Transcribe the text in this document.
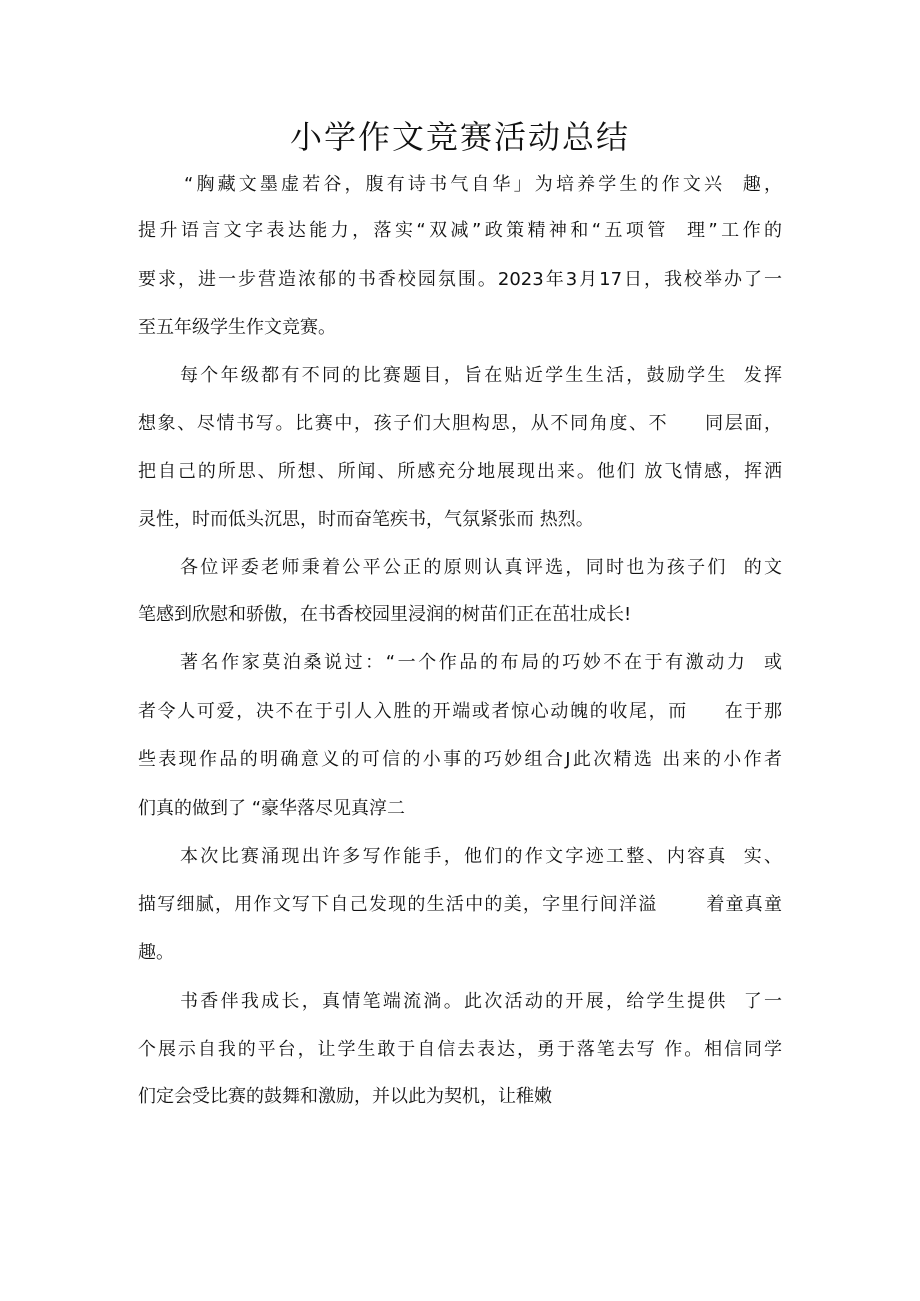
小学作文竞赛活动总结
“胸藏文墨虚若谷，腹有诗书气自华」为培养学生的作文兴  趣，
提升语言文字表达能力，落实“双减”政策精神和“五项管  理”工作的
要求，进一步营造浓郁的书香校园氛围。2023年3月17日，我校举办了一
至五年级学生作文竞赛。
每个年级都有不同的比赛题目，旨在贴近学生生活，鼓励学生  发挥
想象、尽情书写。比赛中，孩子们大胆构思，从不同角度、不     同层面，
把自己的所思、所想、所闻、所感充分地展现出来。他们 放飞情感，挥洒
灵性，时而低头沉思，时而奋笔疾书，气氛紧张而 热烈。
各位评委老师秉着公平公正的原则认真评选，同时也为孩子们  的文
笔感到欣慰和骄傲，在书香校园里浸润的树苗们正在茁壮成长!
著名作家莫泊桑说过：“一个作品的布局的巧妙不在于有激动力  或
者令人可爱，决不在于引人入胜的开端或者惊心动魄的收尾，而     在于那
些表现作品的明确意义的可信的小事的巧妙组合J此次精选 出来的小作者
们真的做到了 “豪华落尽见真淳二
本次比赛涌现出许多写作能手，他们的作文字迹工整、内容真  实、
描写细腻，用作文写下自己发现的生活中的美，字里行间洋溢       着童真童
趣。
书香伴我成长，真情笔端流淌。此次活动的开展，给学生提供  了一
个展示自我的平台，让学生敢于自信去表达，勇于落笔去写 作。相信同学
们定会受比赛的鼓舞和激励，并以此为契机，让稚嫩
